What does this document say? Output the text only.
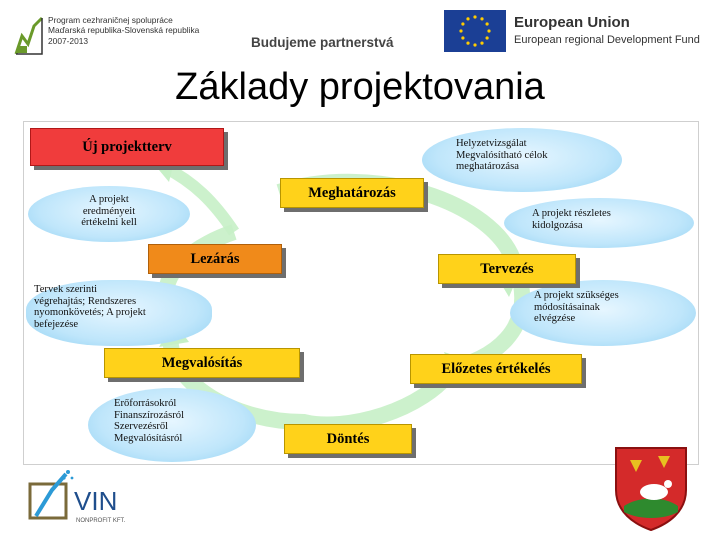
Program cezhraničnej spolupráce
Maďarská republika-Slovenská republika
2007-2013	Budujeme partnerstvá
European Union
European regional Development Fund
Základy projektovania
Helyzetvizsgálat
Megvalósítható célok
meghatározása
A projekt
eredményeit
értékelni kell
A projekt részletes
kidolgozása
Tervek szerinti
végrehajtás; Rendszeres
nyomonkövetés; A projekt
befejezése
A projekt szükséges
módosításainak
elvégzése
Erőforrásokról
Finanszírozásról
Szervezésről
Megvalósításról
Új projektterv
Meghatározás
Lezárás
Tervezés
Megvalósítás	Előzetes értékelés
Döntés
VIN
NONPROFIT KFT.
